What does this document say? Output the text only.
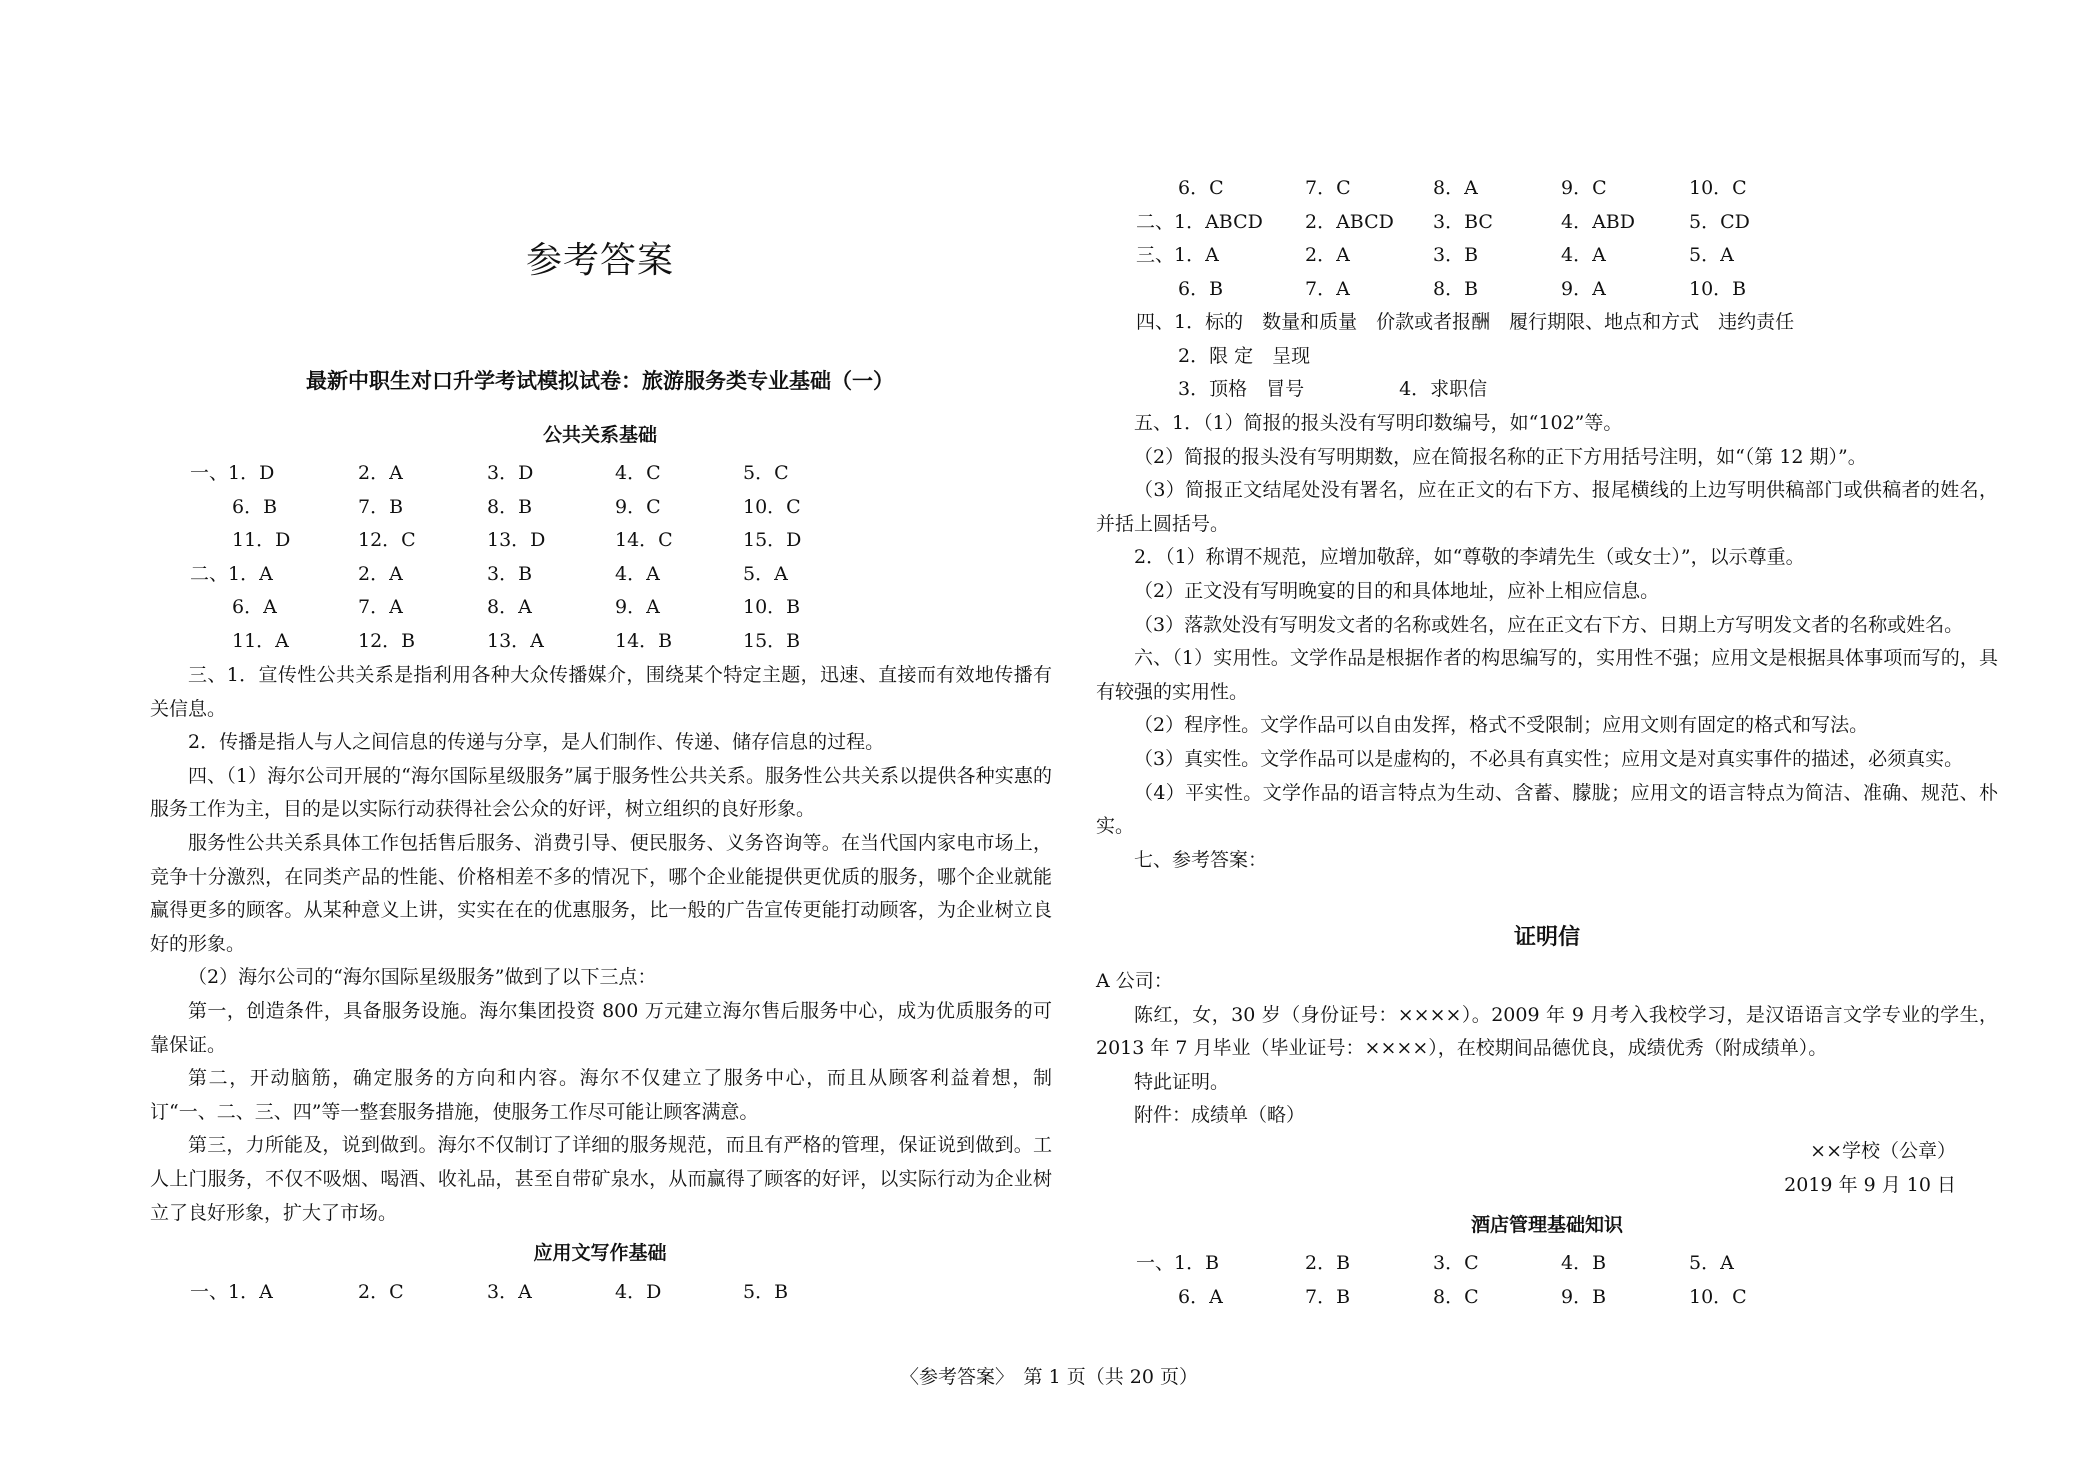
参考答案
最新中职生对口升学考试模拟试卷：旅游服务类专业基础（一）
公共关系基础
一、1．D	2．A	3．D	4．C	5．C
6．B	7．B	8．B	9．C	10．C
11．D	12．C	13．D	14．C	15．D
二、1．A	2．A	3．B	4．A	5．A
6．A	7．A	8．A	9．A	10．B
11．A	12．B	13．A	14．B	15．B

三、1．宣传性公共关系是指利用各种大众传播媒介，围绕某个特定主题，迅速、直接而有效地传播有关信息。

2．传播是指人与人之间信息的传递与分享，是人们制作、传递、储存信息的过程。

四、（1）海尔公司开展的“海尔国际星级服务”属于服务性公共关系。服务性公共关系以提供各种实惠的服务工作为主，目的是以实际行动获得社会公众的好评，树立组织的良好形象。

服务性公共关系具体工作包括售后服务、消费引导、便民服务、义务咨询等。在当代国内家电市场上，竞争十分激烈，在同类产品的性能、价格相差不多的情况下，哪个企业能提供更优质的服务，哪个企业就能赢得更多的顾客。从某种意义上讲，实实在在的优惠服务，比一般的广告宣传更能打动顾客，为企业树立良好的形象。

（2）海尔公司的“海尔国际星级服务”做到了以下三点：

第一，创造条件，具备服务设施。海尔集团投资 800 万元建立海尔售后服务中心，成为优质服务的可靠保证。

第二，开动脑筋，确定服务的方向和内容。海尔不仅建立了服务中心，而且从顾客利益着想，制订“一、二、三、四”等一整套服务措施，使服务工作尽可能让顾客满意。

第三，力所能及，说到做到。海尔不仅制订了详细的服务规范，而且有严格的管理，保证说到做到。工人上门服务，不仅不吸烟、喝酒、收礼品，甚至自带矿泉水，从而赢得了顾客的好评，以实际行动为企业树立了良好形象，扩大了市场。

应用文写作基础
一、1．A	2．C	3．A	4．D	5．B
6．C	7．C	8．A	9．C	10．C
二、1．ABCD 2．ABCD 3．BC	4．ABD	5．CD
三、1．A	2．A	3．B	4．A	5．A
6．B	7．A	8．B	9．A	10．B

四、1．标的　数量和质量　价款或者报酬　履行期限、地点和方式　违约责任

2．限 定　呈现

3．顶格　冒号　　　　　4．求职信

五、1．（1）简报的报头没有写明印数编号，如“102”等。

（2）简报的报头没有写明期数，应在简报名称的正下方用括号注明，如“（第 12 期）”。

（3）简报正文结尾处没有署名，应在正文的右下方、报尾横线的上边写明供稿部门或供稿者的姓名，并括上圆括号。

2．（1）称谓不规范，应增加敬辞，如“尊敬的李靖先生（或女士）”，以示尊重。

（2）正文没有写明晚宴的目的和具体地址，应补上相应信息。

（3）落款处没有写明发文者的名称或姓名，应在正文右下方、日期上方写明发文者的名称或姓名。

六、（1）实用性。文学作品是根据作者的构思编写的，实用性不强；应用文是根据具体事项而写的，具有较强的实用性。

（2）程序性。文学作品可以自由发挥，格式不受限制；应用文则有固定的格式和写法。

（3）真实性。文学作品可以是虚构的，不必具有真实性；应用文是对真实事件的描述，必须真实。

（4）平实性。文学作品的语言特点为生动、含蓄、朦胧；应用文的语言特点为简洁、准确、规范、朴实。

七、参考答案：

证明信

A 公司：

陈红，女，30 岁（身份证号：××××）。2009 年 9 月考入我校学习，是汉语语言文学专业的学生，2013 年 7 月毕业（毕业证号：××××），在校期间品德优良，成绩优秀（附成绩单）。

特此证明。

附件：成绩单（略）

××学校（公章）

2019 年 9 月 10 日

酒店管理基础知识
一、1．B	2．B	3．C	4．B	5．A
6．A	7．B	8．C	9．B	10．C
〈参考答案〉　第 1 页（共 20 页）
